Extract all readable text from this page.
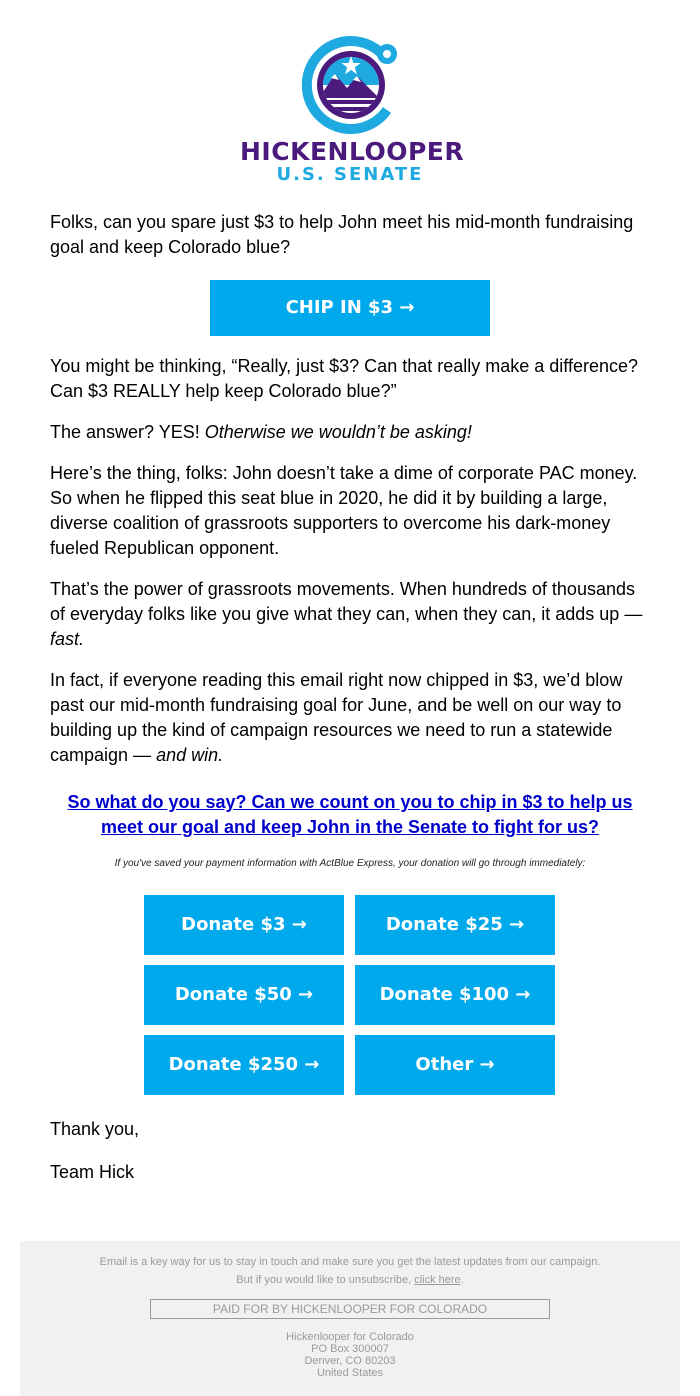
HICKENLOOPER
U.S. SENATE

Folks, can you spare just $3 to help John meet his mid-month fundraising goal and keep Colorado blue?

CHIP IN $3 →

You might be thinking, “Really, just $3? Can that really make a difference? Can $3 REALLY help keep Colorado blue?”

The answer? YES! Otherwise we wouldn’t be asking!

Here’s the thing, folks: John doesn’t take a dime of corporate PAC money. So when he flipped this seat blue in 2020, he did it by building a large, diverse coalition of grassroots supporters to overcome his dark-money fueled Republican opponent.

That’s the power of grassroots movements. When hundreds of thousands of everyday folks like you give what they can, when they can, it adds up — fast.

In fact, if everyone reading this email right now chipped in $3, we’d blow past our mid-month fundraising goal for June, and be well on our way to building up the kind of campaign resources we need to run a statewide campaign — and win.

So what do you say? Can we count on you to chip in $3 to help us meet our goal and keep John in the Senate to fight for us?
If you've saved your payment information with ActBlue Express, your donation will go through immediately:
Donate $3 →	Donate $25 →
Donate $50 →	Donate $100 →
Donate $250 →	Other →

Thank you,

Team Hick

Email is a key way for us to stay in touch and make sure you get the latest updates from our campaign. But if you would like to unsubscribe, click here.
PAID FOR BY HICKENLOOPER FOR COLORADO
Hickenlooper for Colorado
PO Box 300007
Denver, CO 80203
United States
